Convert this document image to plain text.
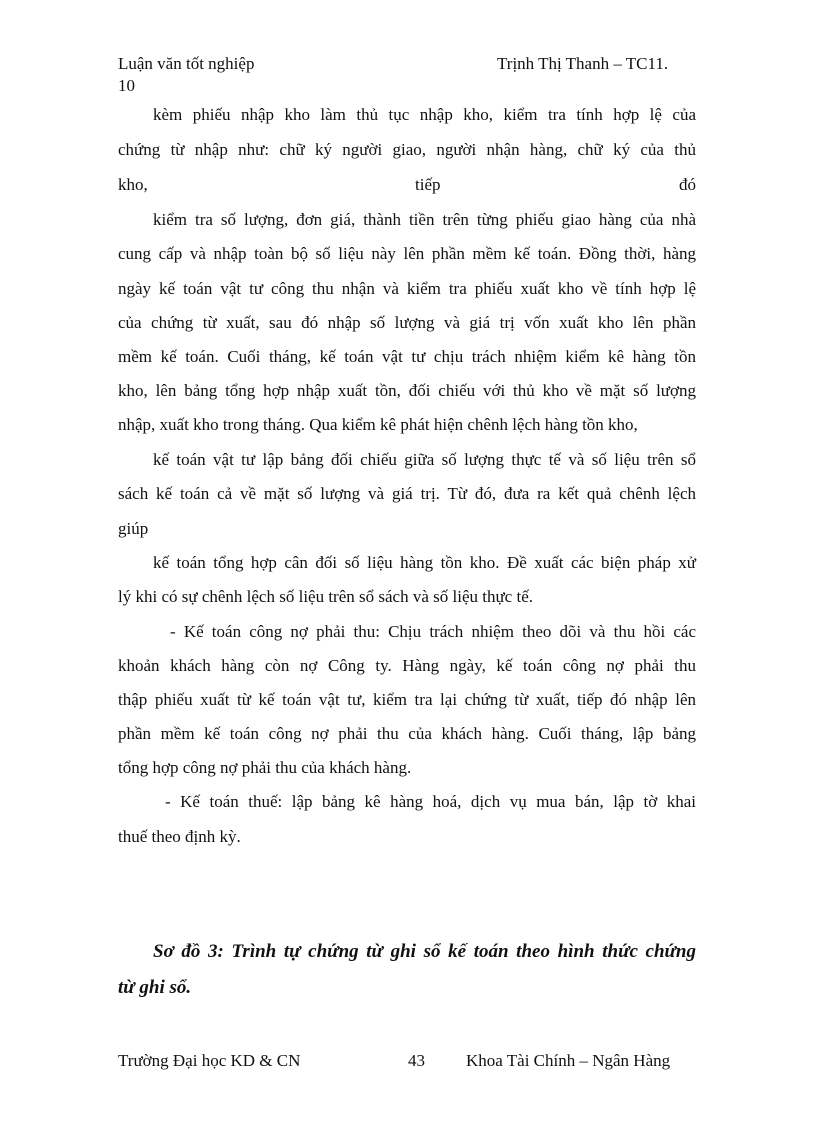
Luận văn tốt nghiệp	Trịnh Thị Thanh – TC11.
10
kèm phiếu nhập kho làm thủ tục nhập kho, kiểm tra tính hợp lệ của
chứng từ nhập như: chữ ký người giao, người nhận hàng, chữ ký của thủ
kho,	tiếp	đó
kiểm tra số lượng, đơn giá, thành tiền trên từng phiếu giao hàng của nhà
cung cấp và nhập toàn bộ số liệu này lên phần mềm kế toán. Đồng thời, hàng
ngày kế toán vật tư công thu nhận và kiểm tra phiếu xuất kho về tính hợp lệ
của chứng từ xuất, sau đó nhập số lượng và giá trị vốn xuất kho lên phần
mềm kế toán. Cuối tháng, kế toán vật tư chịu trách nhiệm kiểm kê hàng tồn
kho, lên bảng tổng hợp nhập xuất tồn, đối chiếu với thủ kho về mặt số lượng
nhập, xuất kho trong tháng. Qua kiểm kê phát hiện chênh lệch hàng tồn kho,
kế toán vật tư lập bảng đối chiếu giữa số lượng thực tế và số liệu trên sổ
sách kế toán cả về mặt số lượng và giá trị. Từ đó, đưa ra kết quả chênh lệch
giúp
kế toán tổng hợp cân đối số liệu hàng tồn kho. Đề xuất các biện pháp xử
lý khi có sự chênh lệch số liệu trên sổ sách và số liệu thực tế.
- Kế toán công nợ phải thu: Chịu trách nhiệm theo dõi và thu hồi các
khoản khách hàng còn nợ Công ty. Hàng ngày, kế toán công nợ phải thu
thập phiếu xuất từ kế toán vật tư, kiểm tra lại chứng từ xuất, tiếp đó nhập lên
phần mềm kế toán công nợ phải thu của khách hàng. Cuối tháng, lập bảng
tổng hợp công nợ phải thu của khách hàng.
- Kế toán thuế: lập bảng kê hàng hoá, dịch vụ mua bán, lập tờ khai
thuế theo định kỳ.
Sơ đồ 3: Trình tự chứng từ ghi sổ kế toán theo hình thức chứng
từ ghi sổ.
Trường Đại học KD & CN	43 Khoa Tài Chính – Ngân Hàng
